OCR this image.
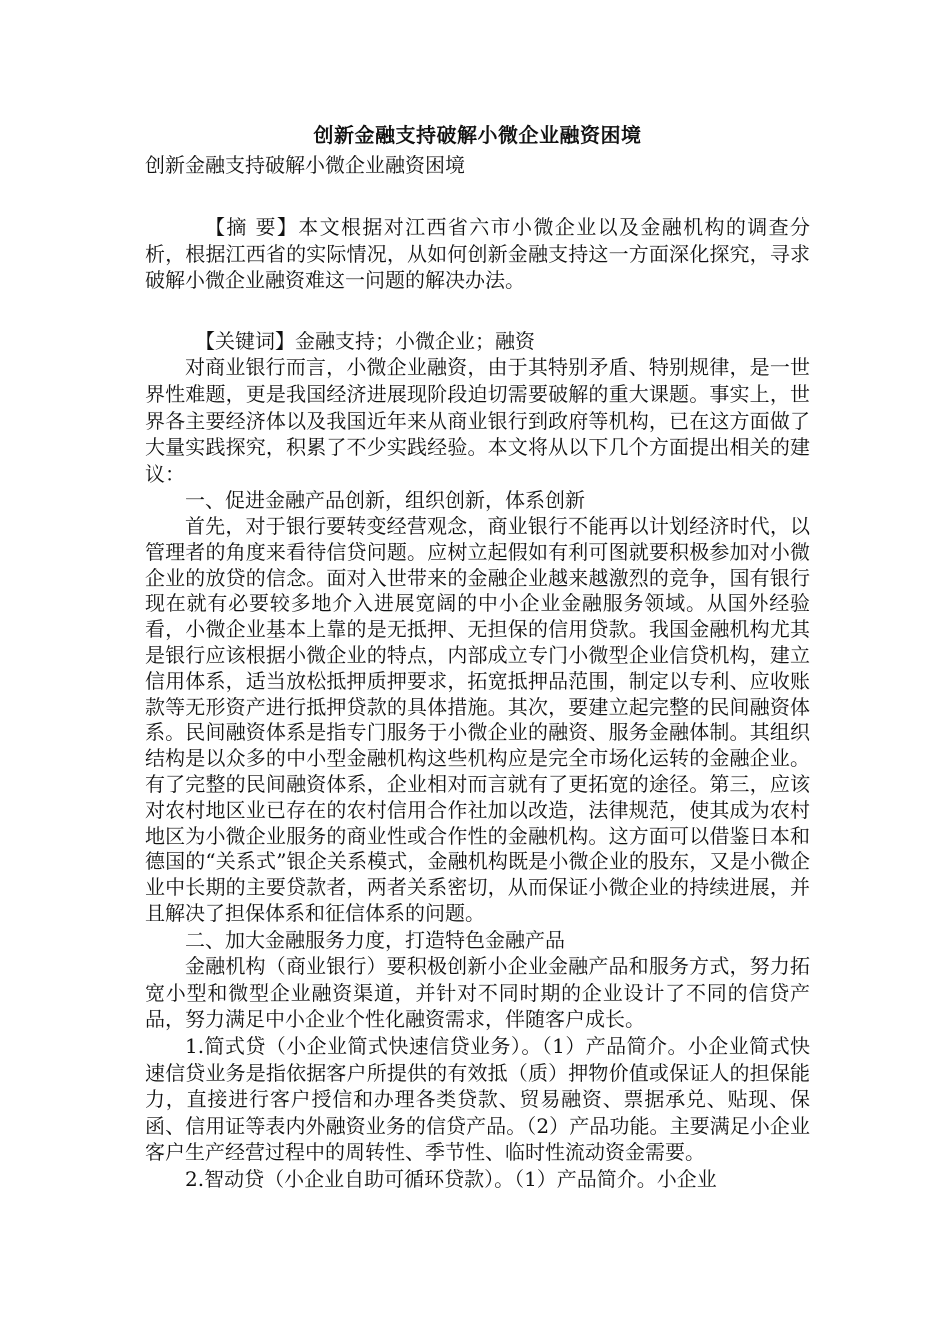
创新金融支持破解小微企业融资困境

创新金融支持破解小微企业融资困境

【摘 要】本文根据对江西省六市小微企业以及金融机构的调查分析，根据江西省的实际情况，从如何创新金融支持这一方面深化探究，寻求破解小微企业融资难这一问题的解决办法。

【关键词】金融支持；小微企业；融资

对商业银行而言，小微企业融资，由于其特别矛盾、特别规律，是一世界性难题，更是我国经济进展现阶段迫切需要破解的重大课题。事实上，世界各主要经济体以及我国近年来从商业银行到政府等机构，已在这方面做了大量实践探究，积累了不少实践经验。本文将从以下几个方面提出相关的建议：

一、促进金融产品创新，组织创新，体系创新

首先，对于银行要转变经营观念，商业银行不能再以计划经济时代，以管理者的角度来看待信贷问题。应树立起假如有利可图就要积极参加对小微企业的放贷的信念。面对入世带来的金融企业越来越激烈的竞争，国有银行现在就有必要较多地介入进展宽阔的中小企业金融服务领域。从国外经验看，小微企业基本上靠的是无抵押、无担保的信用贷款。我国金融机构尤其是银行应该根据小微企业的特点，内部成立专门小微型企业信贷机构，建立信用体系，适当放松抵押质押要求，拓宽抵押品范围，制定以专利、应收账款等无形资产进行抵押贷款的具体措施。其次，要建立起完整的民间融资体系。民间融资体系是指专门服务于小微企业的融资、服务金融体制。其组织结构是以众多的中小型金融机构这些机构应是完全市场化运转的金融企业。有了完整的民间融资体系，企业相对而言就有了更拓宽的途径。第三，应该对农村地区业已存在的农村信用合作社加以改造，法律规范，使其成为农村地区为小微企业服务的商业性或合作性的金融机构。这方面可以借鉴日本和德国的“关系式”银企关系模式，金融机构既是小微企业的股东，又是小微企业中长期的主要贷款者，两者关系密切，从而保证小微企业的持续进展，并且解决了担保体系和征信体系的问题。

二、加大金融服务力度，打造特色金融产品

金融机构（商业银行）要积极创新小企业金融产品和服务方式，努力拓宽小型和微型企业融资渠道，并针对不同时期的企业设计了不同的信贷产品，努力满足中小企业个性化融资需求，伴随客户成长。

1.简式贷（小企业简式快速信贷业务）。（1）产品简介。小企业简式快速信贷业务是指依据客户所提供的有效抵（质）押物价值或保证人的担保能力，直接进行客户授信和办理各类贷款、贸易融资、票据承兑、贴现、保函、信用证等表内外融资业务的信贷产品。（2）产品功能。主要满足小企业客户生产经营过程中的周转性、季节性、临时性流动资金需要。

2.智动贷（小企业自助可循环贷款）。（1）产品简介。小企业
